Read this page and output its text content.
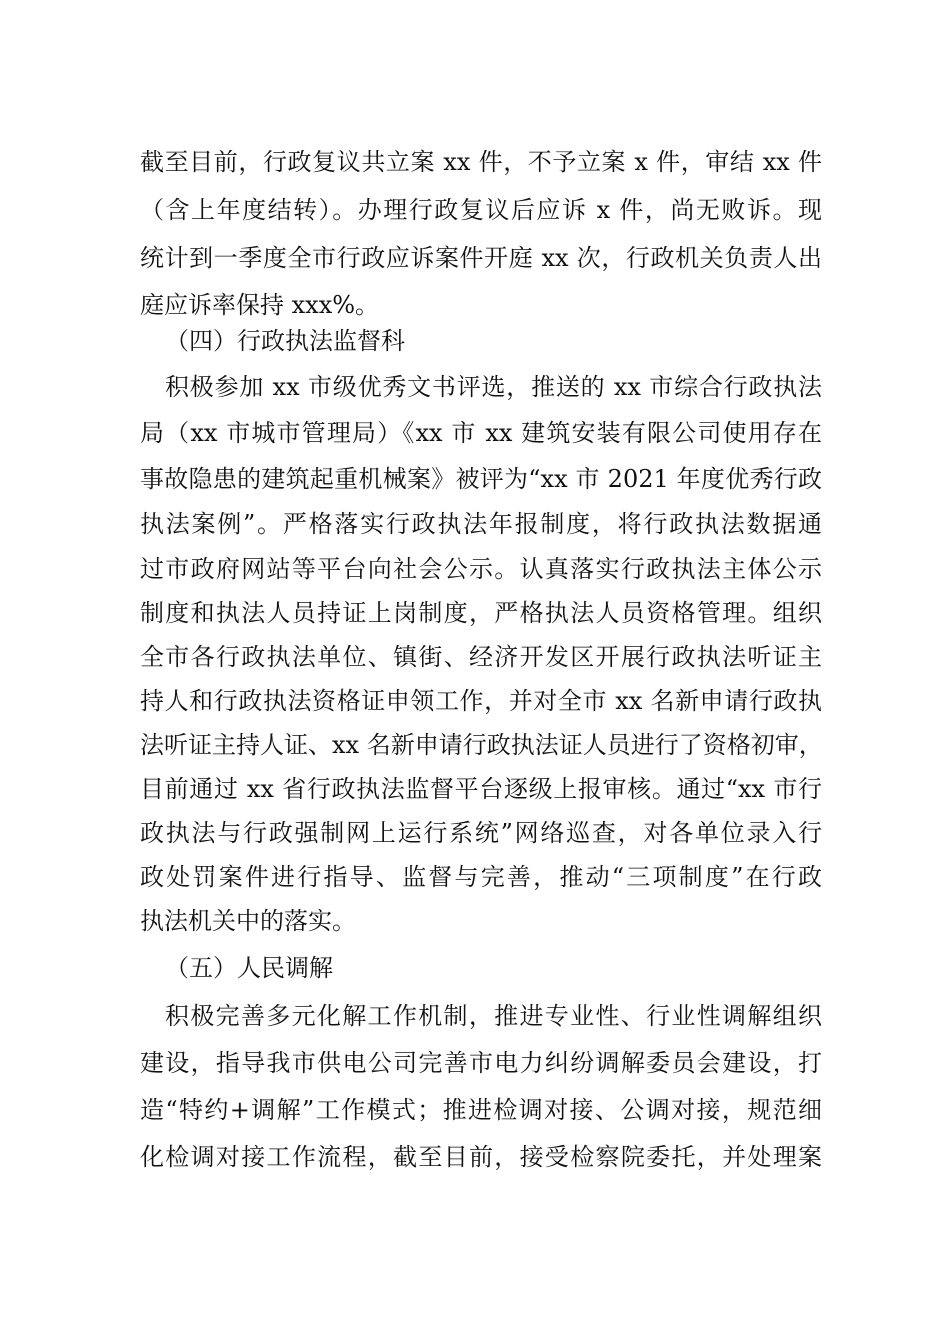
截至目前，行政复议共立案 xx 件，不予立案 x 件，审结 xx 件
（含上年度结转）。办理行政复议后应诉 x 件，尚无败诉。现
统计到一季度全市行政应诉案件开庭 xx 次，行政机关负责人出
庭应诉率保持 xxx%。
（四）行政执法监督科
积极参加 xx 市级优秀文书评选，推送的 xx 市综合行政执法
局（xx 市城市管理局）《xx 市 xx 建筑安装有限公司使用存在
事故隐患的建筑起重机械案》被评为“xx 市 2021 年度优秀行政
执法案例”。严格落实行政执法年报制度，将行政执法数据通
过市政府网站等平台向社会公示。认真落实行政执法主体公示
制度和执法人员持证上岗制度，严格执法人员资格管理。组织
全市各行政执法单位、镇街、经济开发区开展行政执法听证主
持人和行政执法资格证申领工作，并对全市 xx 名新申请行政执
法听证主持人证、xx 名新申请行政执法证人员进行了资格初审，
目前通过 xx 省行政执法监督平台逐级上报审核。通过“xx 市行
政执法与行政强制网上运行系统”网络巡查，对各单位录入行
政处罚案件进行指导、监督与完善，推动“三项制度”在行政
执法机关中的落实。
（五）人民调解
积极完善多元化解工作机制，推进专业性、行业性调解组织
建设，指导我市供电公司完善市电力纠纷调解委员会建设，打
造“特约+调解”工作模式；推进检调对接、公调对接，规范细
化检调对接工作流程，截至目前，接受检察院委托，并处理案
